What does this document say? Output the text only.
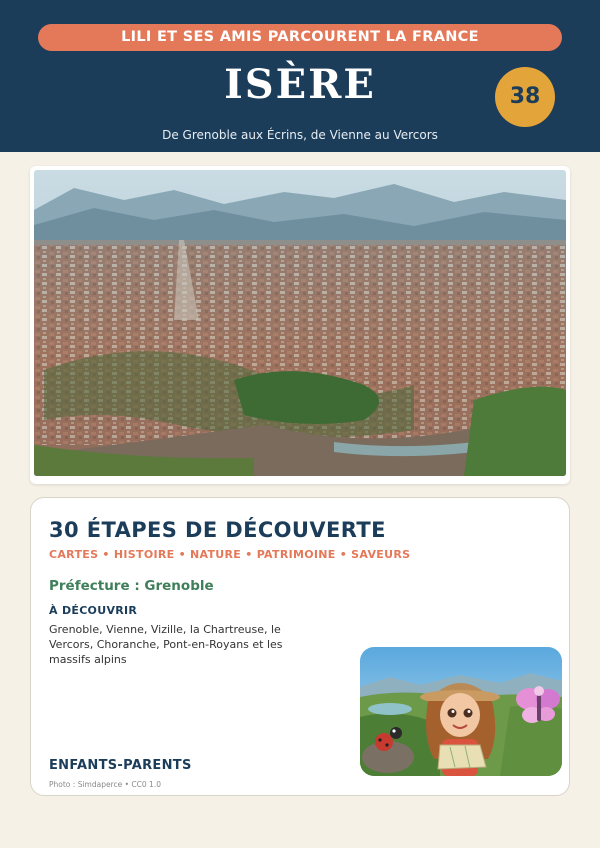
LILI ET SES AMIS PARCOURENT LA FRANCE
ISÈRE	38
De Grenoble aux Écrins, de Vienne au Vercors
30 ÉTAPES DE DÉCOUVERTE
CARTES • HISTOIRE • NATURE • PATRIMOINE • SAVEURS
Préfecture : Grenoble
À DÉCOUVRIR
Grenoble, Vienne, Vizille, la Chartreuse, le Vercors, Choranche, Pont-en-Royans et les massifs alpins
ENFANTS-PARENTS
Photo : Simdaperce • CC0 1.0
